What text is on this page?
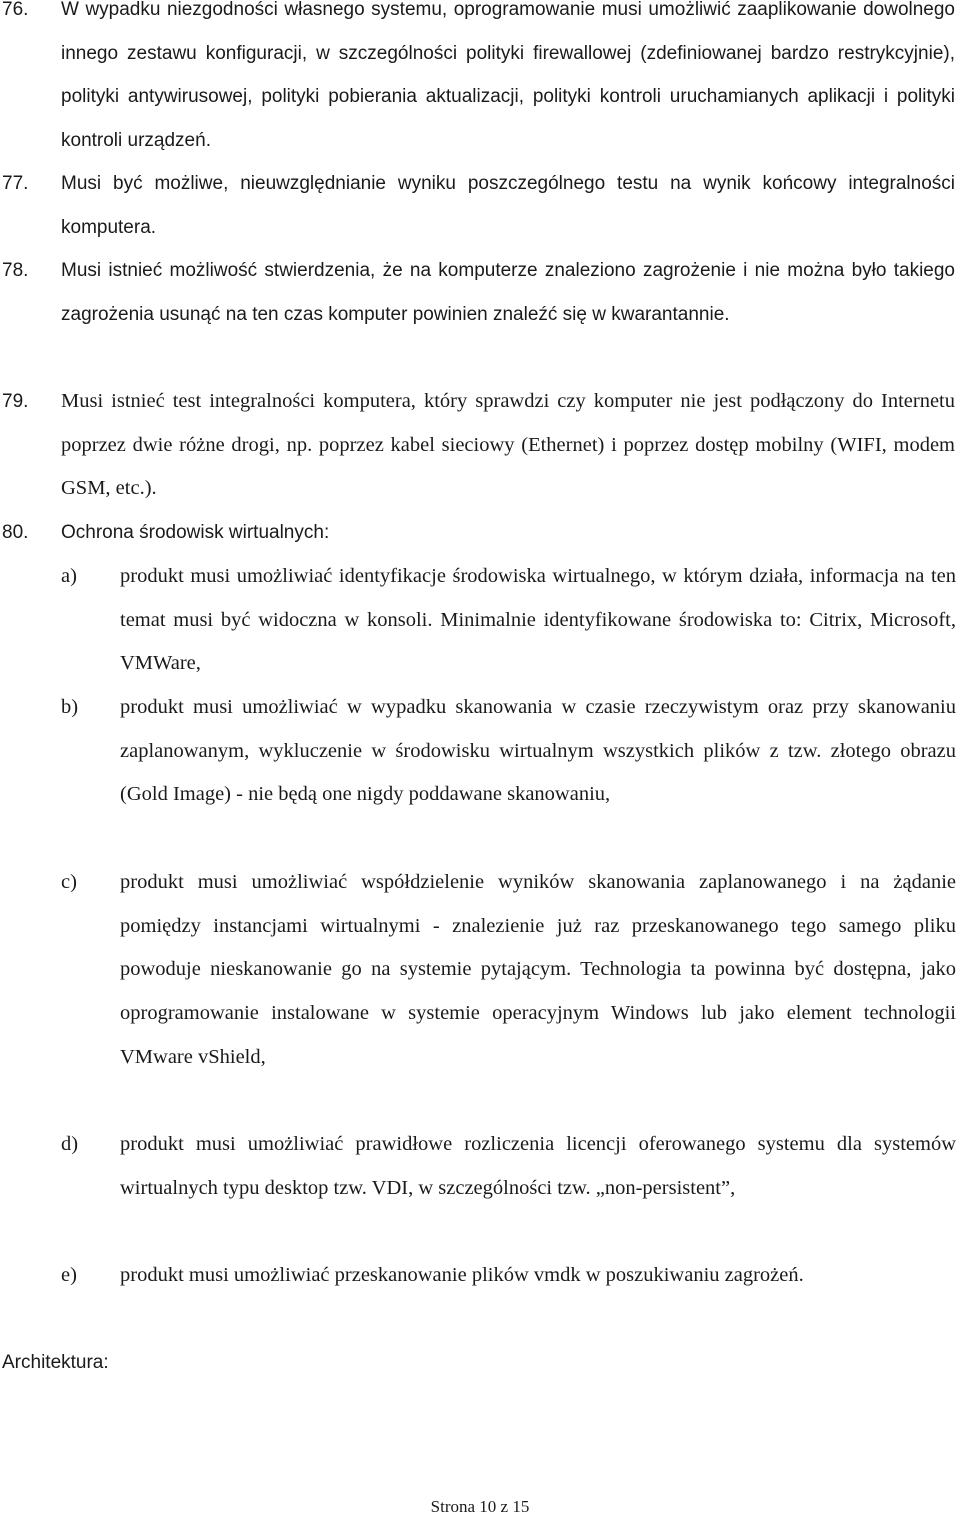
76.	W wypadku niezgodności własnego systemu, oprogramowanie musi umożliwić zaaplikowanie dowolnego innego zestawu konfiguracji, w szczególności polityki firewallowej (zdefiniowanej bardzo restrykcyjnie), polityki antywirusowej, polityki pobierania aktualizacji, polityki kontroli uruchamianych aplikacji i polityki kontroli urządzeń.
77.	Musi być możliwe, nieuwzględnianie wyniku poszczególnego testu na wynik końcowy integralności komputera.
78.	Musi istnieć możliwość stwierdzenia, że na komputerze znaleziono zagrożenie i nie można było takiego zagrożenia usunąć na ten czas komputer powinien znaleźć się w kwarantannie.
79.	Musi istnieć test integralności komputera, który sprawdzi czy komputer nie jest podłączony do Internetu poprzez dwie różne drogi, np. poprzez kabel sieciowy (Ethernet) i poprzez dostęp mobilny (WIFI, modem GSM, etc.).
80.	Ochrona środowisk wirtualnych:
a)	produkt musi umożliwiać identyfikacje środowiska wirtualnego, w którym działa, informacja na ten temat musi być widoczna w konsoli. Minimalnie identyfikowane środowiska to: Citrix, Microsoft, VMWare,
b)	produkt musi umożliwiać w wypadku skanowania w czasie rzeczywistym oraz przy skanowaniu zaplanowanym, wykluczenie w środowisku wirtualnym wszystkich plików z tzw. złotego obrazu (Gold Image) - nie będą one nigdy poddawane skanowaniu,
c)	produkt musi umożliwiać współdzielenie wyników skanowania zaplanowanego i na żądanie pomiędzy instancjami wirtualnymi - znalezienie już raz przeskanowanego tego samego pliku powoduje nieskanowanie go na systemie pytającym. Technologia ta powinna być dostępna, jako oprogramowanie instalowane w systemie operacyjnym Windows lub jako element technologii VMware vShield,
d)	produkt musi umożliwiać prawidłowe rozliczenia licencji oferowanego systemu dla systemów wirtualnych typu desktop tzw. VDI, w szczególności tzw. „non-persistent”,
e)	produkt musi umożliwiać przeskanowanie plików vmdk w poszukiwaniu zagrożeń.
Architektura:
Strona 10 z 15
